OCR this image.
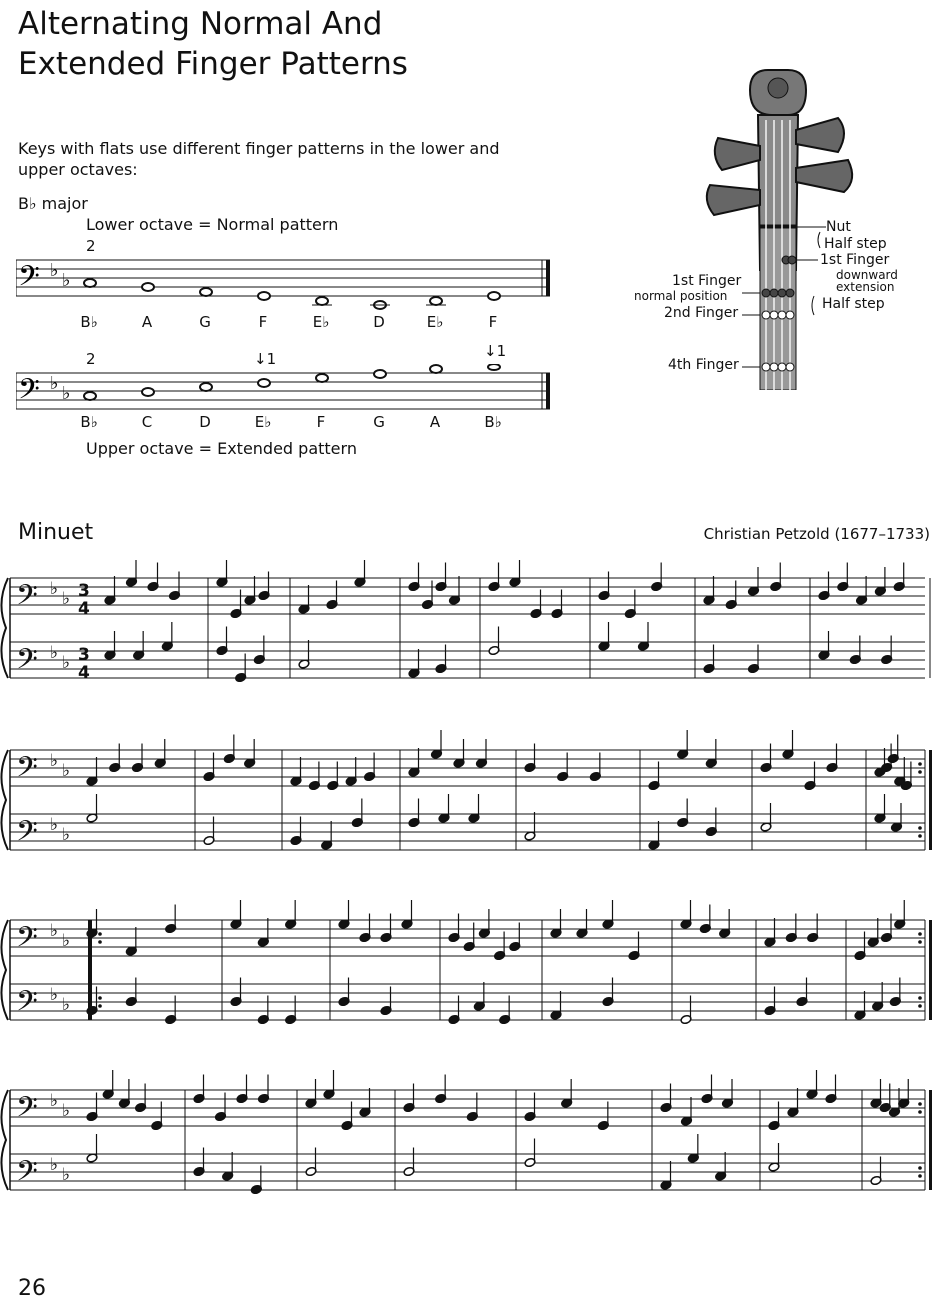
Alternating Normal And
Extended Finger Patterns
Keys with flats use different finger patterns in the lower and upper octaves:
B♭ major
Lower octave = Normal pattern
2
𝄢 ♭ ♭
B♭	A	G	F	E♭	D	E♭	F
2	↓1	↓1
𝄢 ♭ ♭
B♭	C	D	E♭	F	G	A	B♭
Upper octave = Extended pattern
Nut
Half step
1st Finger
downward
extension
1st Finger
normal position
2nd Finger
Half step
4th Finger
Minuet	Christian Petzold (1677–1733)
𝄢 ♭ ♭ 3
4
𝄢 ♭ ♭ 3
4
𝄢 ♭ ♭
𝄢 ♭ ♭
𝄢 ♭ ♭
𝄢 ♭ ♭
𝄢 ♭ ♭
𝄢 ♭ ♭
26
